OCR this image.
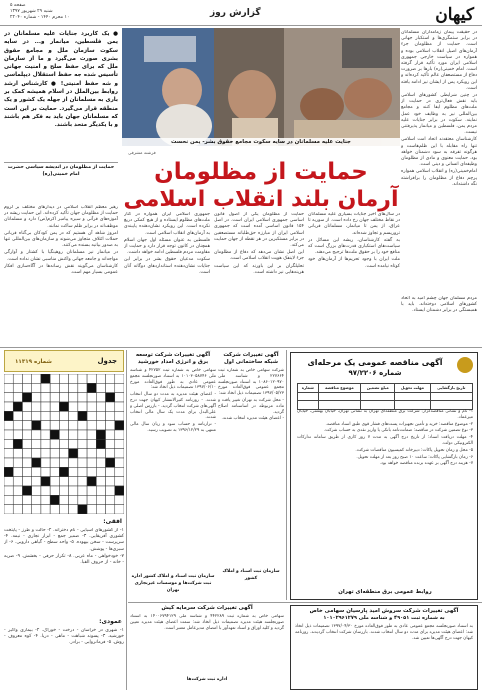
کیهان
گزارش روز
صفحه ۵
شنبه ۲۹ شهریور ۱۳۹۷
۱۰ محرم ۱۴۴۰ - شماره ۲۲۰۴۰

در حقیقت پیمان زمامداران مسلمانان در برابر ستمگری‌ها و استکبار جهانی است. حمایت از مظلومان جزء آرمان‌های اصیل انقلاب اسلامی بوده و همواره در سیاست خارجی جمهوری اسلامی ایران مورد تأکید قرار گرفته است. امام خمینی(ره) بارها بر ضرورت دفاع از مستضعفان عالم تأکید کرده‌اند و این رویکرد پس از ایشان نیز ادامه یافته است.

در چنین شرایطی کشورهای اسلامی باید نقش فعال‌تری در حمایت از ملت‌های مظلوم ایفا کنند و مجامع بین‌المللی نیز به وظایف خود عمل نمایند. سکوت در برابر جنایات علیه مردم یمن، فلسطین و میانمار پذیرفتنی نیست.

کارشناسان معتقدند اتحاد امت اسلامی تنها راه مقابله با این ظلم‌هاست و هرگونه تفرقه به سود دشمنان خواهد بود. حمایت معنوی و مادی از مظلومان وظیفه‌ای انسانی و دینی است.

امام‌خمینی(ره) و انقلاب اسلامی همواره پرچم دفاع از مظلومان را برافراشته نگه داشته‌اند.

جنایت علیه مسلمانان در سایه سکوت مجامع حقوق بشر- یمن نحست
فرشته مشرفی
حمایت از مظلومان
آرمان بلند انقلاب اسلامی
● یک کاربرد جنایات علیه مسلمانان در یمن فلسطین، میانمار و... در سایه سکوت سازمان ملل و مجامع حقوق بشری صورت می‌گیرد و ما از سازمان ملل که برای حفظ صلح و امنیت جهانی تأسیس شده جه حفظ استقلال دیپلماسی و شه حفظ امنیتی! ● کارشناس ارشد روابط بین‌الملل در اسلام همیشه کمک بر باری به مسلمانان از جهله یک کشور و یک منطقه قرار می‌گیرد. حمایت بر این است که مسلمانان جهان باید به فکر هم باشند و با یکدیگر متحد باشند.
حمایت از مظلومان در اندیشه سیاسی حضرت امام خمینی(ره)

رهبر معظم انقلاب اسلامی در دیدارهای مختلف بر لزوم حمایت از مظلومان جهان تأکید کرده‌اند. این حمایت ریشه در آموزه‌های قرآنی و سیره پیامبر اکرم(ص) دارد و مسلمانان موظف‌اند در برابر ظلم ساکت نمانند.

امروز شاهد آن هستیم که در یمن کودکان بی‌گناه قربانی حملات ائتلاف متجاوز می‌شوند و سازمان‌های بین‌المللی تنها به صدور بیانیه بسنده می‌کنند.

در میانمار نیز مسلمانان روهینگیا با کشتار و آوارگی مواجه‌اند و جامعه جهانی واکنش مناسبی نشان نداده است.

کارشناسان می‌گویند نقش رسانه‌ها در آگاه‌سازی افکار عمومی بسیار مهم است.

جمهوری اسلامی ایران همواره در کنار ملت‌های مظلوم ایستاده و از هیچ کمکی دریغ نکرده است. این رویکرد نشان‌دهنده پایبندی به آرمان‌های انقلاب اسلامی است.

فلسطین به عنوان مسئله اول جهان اسلام همچنان در کانون توجه قرار دارد و حمایت از مقاومت مردم فلسطین ادامه خواهد داشت.

سکوت مدعیان حقوق بشر در برابر این جنایات نشان‌دهنده استانداردهای دوگانه آنان است.

حمایت از مظلومان یکی از اصول قانون اساسی جمهوری اسلامی ایران است. در اصل ۱۵۴ قانون اساسی آمده است که جمهوری اسلامی ایران از مبارزه حق‌طلبانه مستضعفین در برابر مستکبرین در هر نقطه از جهان حمایت می‌کند.

این اصل نشان می‌دهد که دفاع از مظلومان جزء لاینفک هویت انقلاب اسلامی است.

تحلیلگران بر این باورند که این سیاست هزینه‌هایی نیز داشته است.

در سال‌های اخیر جنایات بسیاری علیه مسلمانان در نقاط مختلف جهان رخ داده است. از سوریه تا عراق، از یمن تا میانمار، مسلمانان قربانی تروریسم و تجاوز شده‌اند.

به گفته کارشناسان، ریشه این مسائل در سیاست‌های استکباری قدرت‌های بزرگ است که منافع خود را بر حقوق ملت‌ها ترجیح می‌دهند.

ملت ایران با وجود تحریم‌ها از آرمان‌های خود کوتاه نیامده است.

مردم مسلمان جهان چشم امید به اتحاد کشورهای اسلامی دوخته‌اند. باید با همبستگی در برابر دشمنان ایستاد.

جدول
شماره ۱۱۳۱۹
افقی:

۱- از کشورهای آسیایی - نام دخترانه. ۲- حالت و طرز - پایتخت کشوری آفریقایی. ۳- ضمیر جمع - ابزار نجاری - نیمه. ۴- سرپرست - سخن بیهوده. ۵- واحد سطح - گیاهی دارویی. ۶- از سبزی‌ها - پوشش.

۷- خودخواهی - ماه عربی. ۸- تکرار حرفی - بخشش. ۹- ضربه - خانه - از حروف الفبا.

عمودی:

۱- شهری در خراسان - درخت - خوراک. ۲- بیماری واگیر - خورشید. ۳- پسوند شباهت - ماهی - دریا. ۴- کوه معروف - روش. ۵- فرمانروایی - برادر.

آگهی تغییرات شرکت توسعه برق و انرژی امداد خورشید

سهامی خاص به شماره ثبت ۴۲۷۵۲ و شناسه ملی ۱۰۱۰۳۰۵۸۷۴۶ به استناد صورتجلسه مجمع عمومی عادی به طور فوق‌العاده مورخ ۱۳۹۷/۰۶/۱۰ تصمیمات ذیل اتخاذ شد:

- اعضای هیئت مدیره به مدت دو سال انتخاب شدند. - روزنامه کثیرالانتشار کیهان جهت درج آگهی‌های شرکت انتخاب گردید. - بازرس اصلی و علی‌البدل برای مدت یک سال مالی انتخاب شدند.

- ترازنامه و حساب سود و زیان سال مالی منتهی به ۱۳۹۶/۱۲/۲۹ به تصویب رسید.

سازمان ثبت اسناد و املاک کشور اداره ثبت شرکت‌ها و موسسات غیرتجاری تهران
آگهی تغییرات شرکت شبکه ساختمانی اول

شرکت سهامی خاص به شماره ثبت ۲۲۷۶۶۴ و شناسه ملی ۱۰۸۶۰۱۲۰۹۷۰ به استناد صورتجلسه مجمع عمومی فوق‌العاده مورخ ۱۳۹۷/۰۵/۲۳ تصمیمات ذیل اتخاذ شد:

- محل شرکت به تهران تغییر یافت و ماده مربوطه در اساسنامه اصلاح گردید.

- اعضای هیئت مدیره انتخاب شدند.

سازمان ثبت اسناد و املاک کشور
آگهی مناقصه عمومی یک مرحله‌ای
شماره ۹۷/۲۲۰۶
تاریخ بازگشایی	مهلت تحویل	مبلغ تضمین	موضوع مناقصه	شماره

۱- نام و نشانی مناقصه‌گزار: شرکت برق منطقه‌ای تهران به نشانی تهران، خیابان بهشتی، خیابان میرعماد.

۲- موضوع مناقصه: خرید و تأمین تجهیزات پست‌های فشار قوی طبق اسناد مناقصه.

۳- نوع تضمین شرکت در مناقصه: ضمانت‌نامه بانکی یا واریز نقدی به حساب شرکت.

۴- مهلت دریافت اسناد: از تاریخ درج آگهی به مدت ۷ روز کاری از طریق سامانه تدارکات الکترونیکی دولت.

۵- محل و زمان تحویل پاکات: دبیرخانه کمیسیون مناقصات شرکت.

۶- زمان بازگشایی پاکات: ساعت ۱۰ صبح روز بعد از مهلت تحویل.

۷- هزینه درج آگهی بر عهده برنده مناقصه خواهد بود.

روابط عمومی برق منطقه‌ای تهران
آگهی تغییرات شرکت سرمایه کیش

سهامی خاص به شماره ثبت ۴۴۲۲۸۹ و شناسه ملی ۱۴۰۰۶۷۹۴۱۲۹ به استناد صورتجلسه هیئت مدیره تصمیمات ذیل اتخاذ شد: سمت اعضای هیئت مدیره تعیین گردید و کلیه اوراق و اسناد تعهدآور با امضای مدیرعامل معتبر است.

اداره ثبت شرکت‌ها
آگهی تغییرات شرکت سروش امید پارسیان سهامی خاص
به شماره ثبت ۴۹۰۵۱ و شناسه ملی ۱۰۱۰۲۹۶۱۲۷۹

به استناد صورتجلسه مجمع عمومی عادی به طور فوق‌العاده مورخ ۱۳۹۷/۰۴/۳۰ تصمیمات ذیل اتخاذ شد: اعضای هیئت مدیره برای مدت دو سال انتخاب شدند. بازرسان شرکت انتخاب گردیدند. روزنامه کیهان جهت درج آگهی‌ها تعیین شد.
